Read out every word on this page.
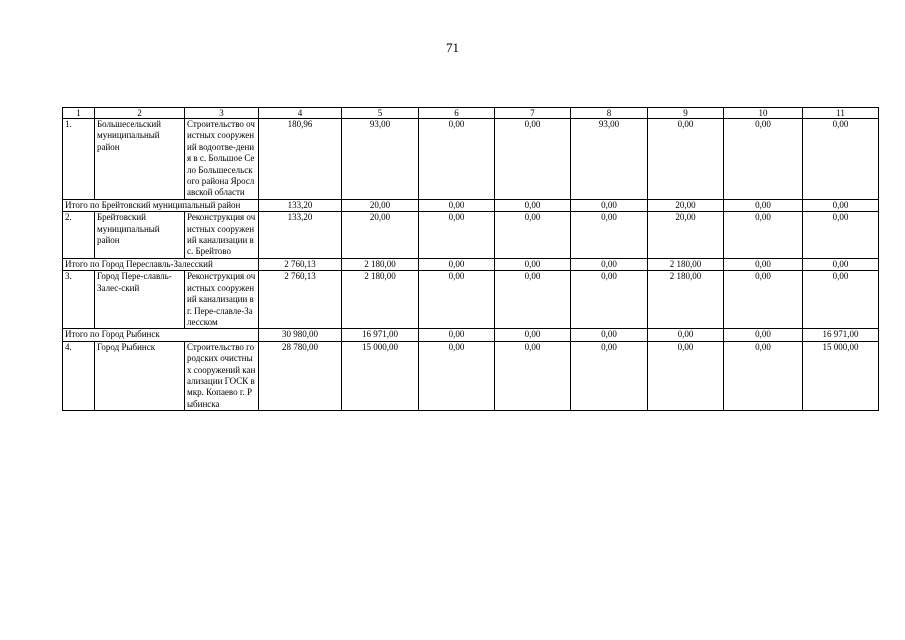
71
1	2	3	4	5	6	7	8	9	10	11
1.	Большесельский муниципальный район	Строительство очистных сооружений водоотве-дения в с. Большое Село Большесельского района Ярославской области	180,96	93,00	0,00	0,00	93,00	0,00	0,00	0,00
Итого по Брейтовский муниципальный район			133,20	20,00	0,00	0,00	0,00	20,00	0,00	0,00
2.	Брейтовский муниципальный район	Реконструкция очистных сооружений канализации в с. Брейтово	133,20	20,00	0,00	0,00	0,00	20,00	0,00	0,00
Итого по Город Переславль-Залесский			2 760,13	2 180,00	0,00	0,00	0,00	2 180,00	0,00	0,00
3.	Город Пере-славль-Залес-ский	Реконструкция очистных сооружений канализации в г. Пере-славле-Залесском	2 760,13	2 180,00	0,00	0,00	0,00	2 180,00	0,00	0,00
Итого по Город Рыбинск			30 980,00	16 971,00	0,00	0,00	0,00	0,00	0,00	16 971,00
4.	Город Рыбинск	Строительство городских очистных сооружений канализации ГОСК в мкр. Копаево г. Рыбинска	28 780,00	15 000,00	0,00	0,00	0,00	0,00	0,00	15 000,00
